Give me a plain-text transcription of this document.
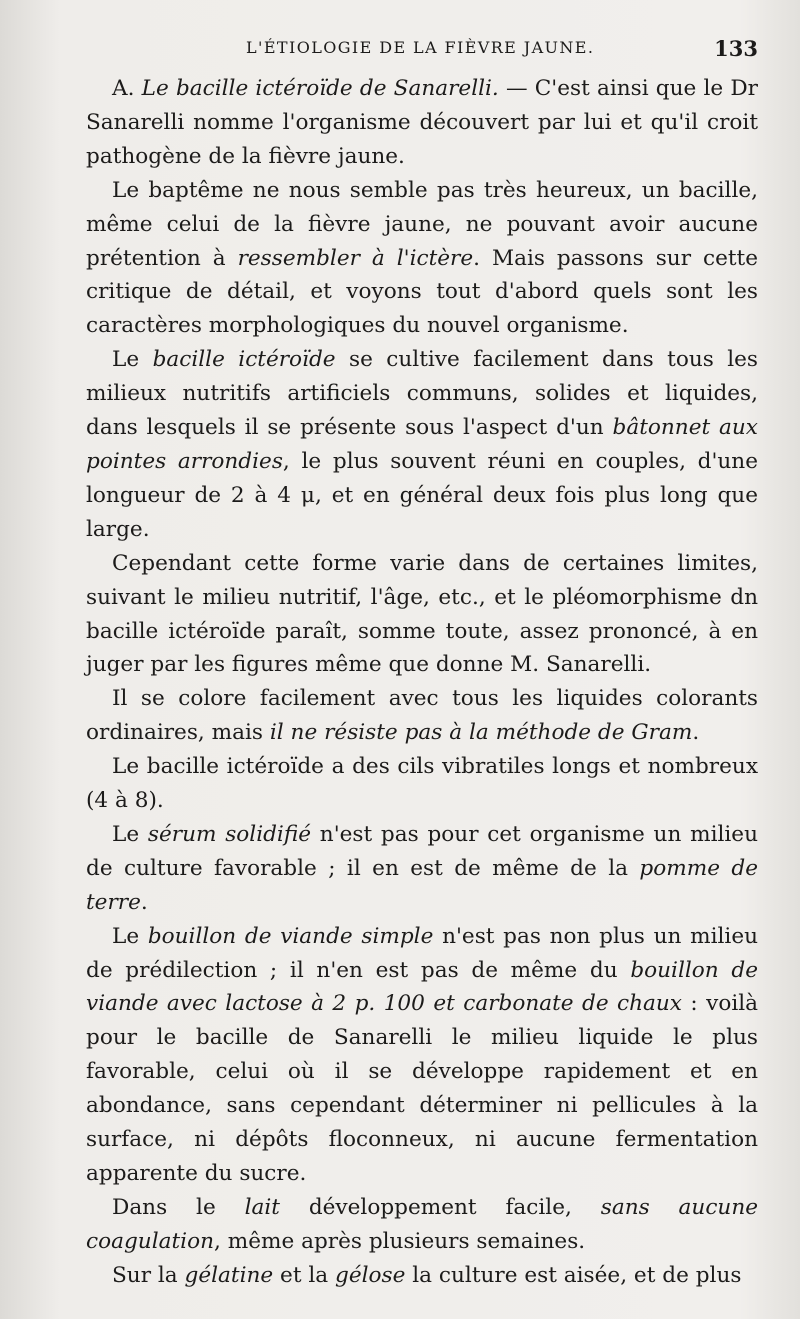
L'ÉTIOLOGIE DE LA FIÈVRE JAUNE.	133

A. Le bacille ictéroïde de Sanarelli. — C'est ainsi que le Dr Sanarelli nomme l'organisme découvert par lui et qu'il croit pathogène de la fièvre jaune.

Le baptême ne nous semble pas très heureux, un bacille, même celui de la fièvre jaune, ne pouvant avoir aucune prétention à ressembler à l'ictère. Mais passons sur cette critique de détail, et voyons tout d'abord quels sont les caractères morphologiques du nouvel organisme.

Le bacille ictéroïde se cultive facilement dans tous les milieux nutritifs artificiels communs, solides et liquides, dans lesquels il se présente sous l'aspect d'un bâtonnet aux pointes arrondies, le plus souvent réuni en couples, d'une longueur de 2 à 4 μ, et en général deux fois plus long que large.

Cependant cette forme varie dans de certaines limites, suivant le milieu nutritif, l'âge, etc., et le pléomorphisme dn bacille ictéroïde paraît, somme toute, assez prononcé, à en juger par les figures même que donne M. Sanarelli.

Il se colore facilement avec tous les liquides colorants ordinaires, mais il ne résiste pas à la méthode de Gram.

Le bacille ictéroïde a des cils vibratiles longs et nombreux (4 à 8).

Le sérum solidifié n'est pas pour cet organisme un milieu de culture favorable ; il en est de même de la pomme de terre.

Le bouillon de viande simple n'est pas non plus un milieu de prédilection ; il n'en est pas de même du bouillon de viande avec lactose à 2 p. 100 et carbonate de chaux : voilà pour le bacille de Sanarelli le milieu liquide le plus favorable, celui où il se développe rapidement et en abondance, sans cependant déterminer ni pellicules à la surface, ni dépôts floconneux, ni aucune fermentation apparente du sucre.

Dans le lait développement facile, sans aucune coagulation, même après plusieurs semaines.

Sur la gélatine et la gélose la culture est aisée, et de plus
